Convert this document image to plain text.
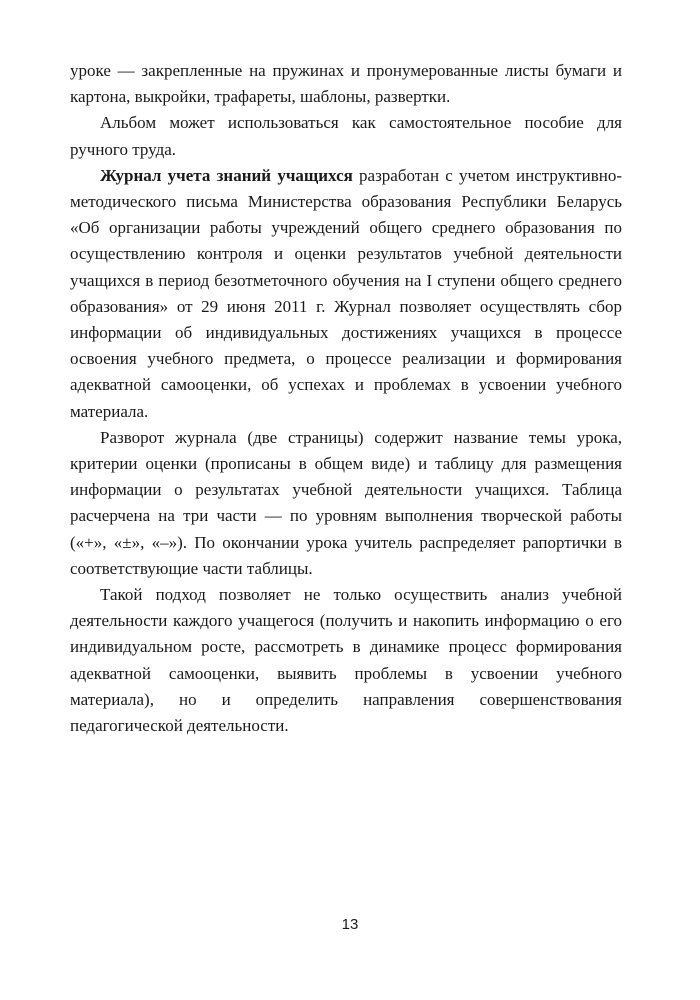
уроке — закрепленные на пружинах и пронумерованные листы бумаги и картона, выкройки, трафареты, шаблоны, развертки.

Альбом может использоваться как самостоятельное пособие для ручного труда.

Журнал учета знаний учащихся разработан с учетом инструктивно-методического письма Министерства образования Республики Беларусь «Об организации работы учреждений общего среднего образования по осуществлению контроля и оценки результатов учебной деятельности учащихся в период безотметочного обучения на I ступени общего среднего образования» от 29 июня 2011 г. Журнал позволяет осуществлять сбор информации об индивидуальных достижениях учащихся в процессе освоения учебного предмета, о процессе реализации и формирования адекватной самооценки, об успехах и проблемах в усвоении учебного материала.

Разворот журнала (две страницы) содержит название темы урока, критерии оценки (прописаны в общем виде) и таблицу для размещения информации о результатах учебной деятельности учащихся. Таблица расчерчена на три части — по уровням выполнения творческой работы («+», «±», «–»). По окончании урока учитель распределяет рапортички в соответствующие части таблицы.

Такой подход позволяет не только осуществить анализ учебной деятельности каждого учащегося (получить и накопить информацию о его индивидуальном росте, рассмотреть в динамике процесс формирования адекватной самооценки, выявить проблемы в усвоении учебного материала), но и определить направления совершенствования педагогической деятельности.

13
